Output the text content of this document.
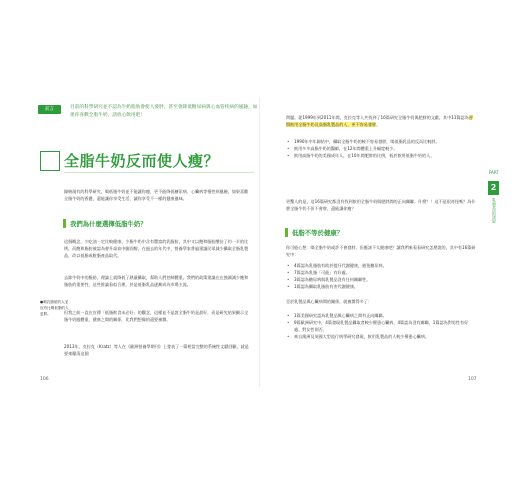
前言	目前的科學研究並不認為牛奶脂肪會使人發胖，甚至會降低糖尿病與心血管疾病的風險，如果你喜歡全脂牛奶，請放心飲用吧！

全脂牛奶反而使人瘦？

歸納現有的科學研究，喝低脂牛奶並不能讓你瘦，更不能降低糖尿病、心臟病等慢性病風險。如果喜歡全脂牛奶的香濃，還能讓你享受生活、讓你享受不一樣的健康風味。

我們為什麼選擇低脂牛奶？

這個概念，少吃油一定比較健康、少脂牛奶中含有豐富的乳脂肪，其中又以飽和脂肪酸佔了約一半的比例，而飽和脂肪被認為會升高血中膽固醇，在過去的年代中，營養學家普遍建議民眾減少攝取全脂乳製品，改以低脂或脫脂產品取代。

去除牛奶中的脂肪，理論上就降低了熱量攝取，幫助人們控制體重。我們的政策建議在在強調減少飽和脂肪的重要性，這些推論看似合理，於是低脂乳品逐漸成為市場主流。

但我之前一直在宣傳「低脂飲食未必好」的觀念，這樣並不是說全脂牛奶是最好，而是研究結果顯示全脂牛奶跟體重、健康之間的關係，比我們想像的還要複雜。

2013年，克拉克（Kratz）等人在《歐洲營養學期刊》上發表了一篇相當完整的系統性文獻回顧，就是要來釐清這個

●喝乳脂肪的人並沒有比喝低脂的人更胖。

106

問題。從1999年到2011年間，克拉克等人共找到了16篇研究全脂牛奶與肥胖的文獻，其中11篇認為習慣飲用全脂牛奶及高脂乳製品的人，更不容易發胖。

• 1990年中年歸結中，攝取全脂牛奶的較不容易發胖，喝低脂乳品的反而比較胖。
• 飲用多多高脂牛奶的醫師，在12年間體重上升幅度較少。
• 飲用高脂牛奶的美國成年人，在10年間肥胖的比例，低於飲用低脂牛奶的人。

更驚人的是，這16篇研究都沒有找到飲用全脂牛奶與肥胖間的正向關聯。什麼？！這不是很奇怪嗎？為什麼全脂牛奶不但不會胖，還能讓你瘦？

低脂不等於健康？

你可能心想：喝全脂牛奶或許不會發胖，但應該不太健康吧？讓我們來看看研究怎麼說的，其中有16篇研究中：

• 4篇認為乳脂肪有助於提升代謝健康，避免糖尿病。
• 7篇認為乳脂「可能」有好處。
• 3篇認為糖尿病與乳製品沒有任何關聯性。
• 1篇認為攝取乳脂肪有害代謝健康。

至於乳製品與心臟病間的關係，就複雜得多了：

• 1篇美國研究認為乳製品與心臟病之間有正向關聯。
• 9篇歐洲研究中，4篇發現乳製品攝取者較少罹患心臟病，4篇認為沒有關聯，1篇認為對男性有好處、對女性則否。
• 來自澳洲及英國大型流行病學研究發現，飲用乳製品的人較少罹患心臟病。
107
PART
2
乳製品的迷思
